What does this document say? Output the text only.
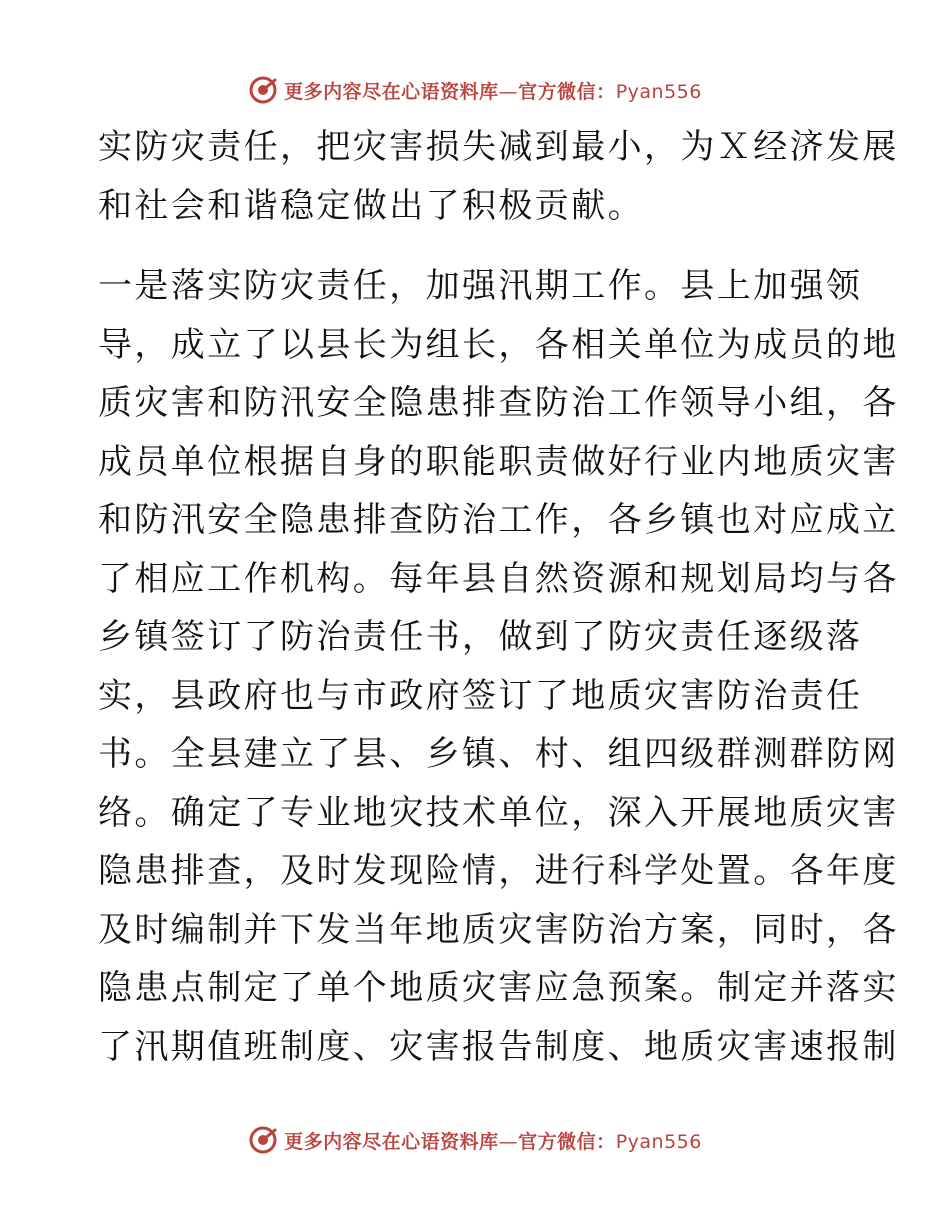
更多内容尽在心语资料库—官方微信：Pyan556
实防灾责任，把灾害损失减到最小，为Ｘ经济发展
和社会和谐稳定做出了积极贡献。
一是落实防灾责任，加强汛期工作。县上加强领
导，成立了以县长为组长，各相关单位为成员的地
质灾害和防汛安全隐患排查防治工作领导小组，各
成员单位根据自身的职能职责做好行业内地质灾害
和防汛安全隐患排查防治工作，各乡镇也对应成立
了相应工作机构。每年县自然资源和规划局均与各
乡镇签订了防治责任书，做到了防灾责任逐级落
实，县政府也与市政府签订了地质灾害防治责任
书。全县建立了县、乡镇、村、组四级群测群防网
络。确定了专业地灾技术单位，深入开展地质灾害
隐患排查，及时发现险情，进行科学处置。各年度
及时编制并下发当年地质灾害防治方案，同时，各
隐患点制定了单个地质灾害应急预案。制定并落实
了汛期值班制度、灾害报告制度、地质灾害速报制
更多内容尽在心语资料库—官方微信：Pyan556
